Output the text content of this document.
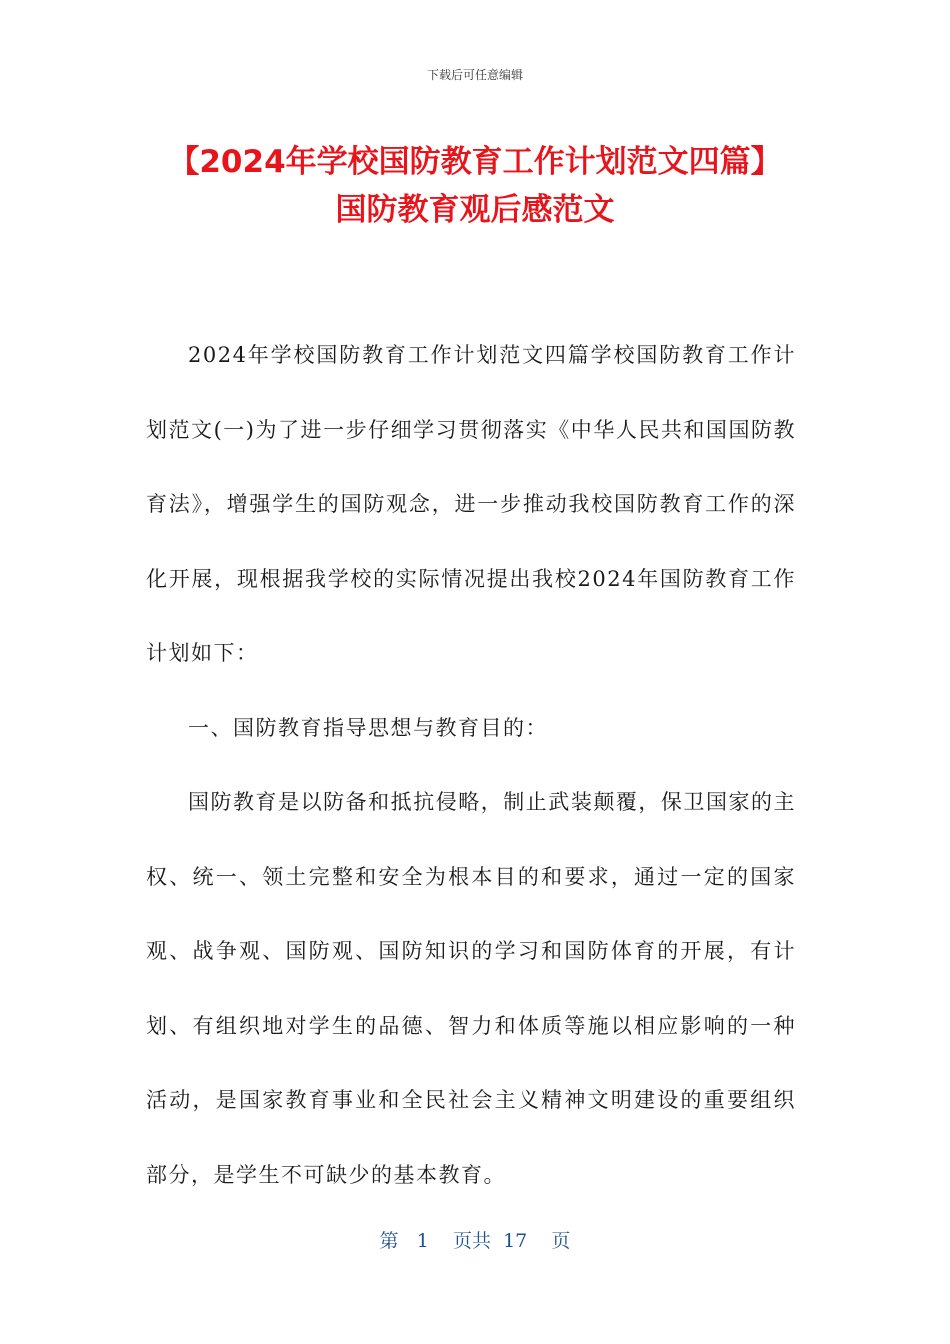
下载后可任意编辑
【2024年学校国防教育工作计划范文四篇】
国防教育观后感范文

2024年学校国防教育工作计划范文四篇学校国防教育工作计划范文(一)为了进一步仔细学习贯彻落实《中华人民共和国国防教育法》，增强学生的国防观念，进一步推动我校国防教育工作的深化开展，现根据我学校的实际情况提出我校2024年国防教育工作计划如下：

一、国防教育指导思想与教育目的：

国防教育是以防备和抵抗侵略，制止武装颠覆，保卫国家的主权、统一、领土完整和安全为根本目的和要求，通过一定的国家观、战争观、国防观、国防知识的学习和国防体育的开展，有计划、有组织地对学生的品德、智力和体质等施以相应影响的一种活动，是国家教育事业和全民社会主义精神文明建设的重要组织部分，是学生不可缺少的基本教育。

第 1 页共 17 页
